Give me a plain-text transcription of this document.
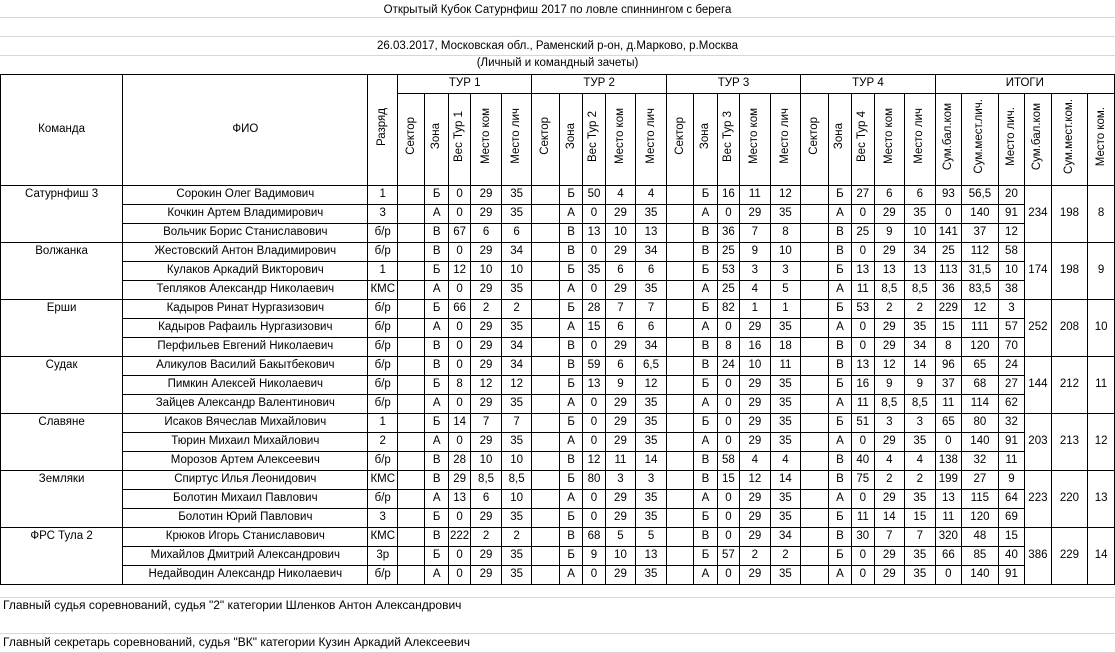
Открытый Кубок Сатурнфиш 2017 по ловле спиннингом с берега
26.03.2017, Московская обл., Раменский р-он, д.Марково, р.Москва
(Личный и командный зачеты)
Команда	ФИО	Разряд	ТУР 1					ТУР 2					ТУР 3					ТУР 4					ИТОГИ					
			Сектор	Зона	Вес Тур 1	Место ком	Место лич	Сектор	Зона	Вес Тур 2	Место ком	Место лич	Сектор	Зона	Вес Тур 3	Место ком	Место лич	Сектор	Зона	Вес Тур 4	Место ком	Место лич	Сум.бал.ком	Сум.мест.лич.	Место лич.	Сум.бал.ком	Сум.мест.ком.	Место ком.
Сатурнфиш 3	Сорокин Олег Вадимович	1		Б	0	29	35		Б	50	4	4		Б	16	11	12		Б	27	6	6	93	56,5	20	234	198	8
	Кочкин Артем Владимирович	3		А	0	29	35		А	0	29	35		А	0	29	35		А	0	29	35	0	140	91			
	Вольчик Борис Станиславович	б/р		В	67	6	6		В	13	10	13		В	36	7	8		В	25	9	10	141	37	12			
Волжанка	Жестовский Антон Владимирович	б/р		В	0	29	34		В	0	29	34		В	25	9	10		В	0	29	34	25	112	58	174	198	9
	Кулаков Аркадий Викторович	1		Б	12	10	10		Б	35	6	6		Б	53	3	3		Б	13	13	13	113	31,5	10			
	Тепляков Александр Николаевич	КМС		А	0	29	35		А	0	29	35		А	25	4	5		А	11	8,5	8,5	36	83,5	38			
Ерши	Кадыров Ринат Нургазизович	б/р		Б	66	2	2		Б	28	7	7		Б	82	1	1		Б	53	2	2	229	12	3	252	208	10
	Кадыров Рафаиль Нургазизович	б/р		А	0	29	35		А	15	6	6		А	0	29	35		А	0	29	35	15	111	57			
	Перфильев Евгений Николаевич	б/р		В	0	29	34		В	0	29	34		В	8	16	18		В	0	29	34	8	120	70			
Судак	Аликулов Василий Бакытбекович	б/р		В	0	29	34		В	59	6	6,5		В	24	10	11		В	13	12	14	96	65	24	144	212	11
	Пимкин Алексей Николаевич	б/р		Б	8	12	12		Б	13	9	12		Б	0	29	35		Б	16	9	9	37	68	27			
	Зайцев Александр Валентинович	б/р		А	0	29	35		А	0	29	35		А	0	29	35		А	11	8,5	8,5	11	114	62			
Славяне	Исаков Вячеслав Михайлович	1		Б	14	7	7		Б	0	29	35		Б	0	29	35		Б	51	3	3	65	80	32	203	213	12
	Тюрин Михаил Михайлович	2		А	0	29	35		А	0	29	35		А	0	29	35		А	0	29	35	0	140	91			
	Морозов Артем Алексеевич	б/р		В	28	10	10		В	12	11	14		В	58	4	4		В	40	4	4	138	32	11			
Земляки	Спиртус Илья Леонидович	КМС		В	29	8,5	8,5		Б	80	3	3		В	15	12	14		В	75	2	2	199	27	9	223	220	13
	Болотин Михаил Павлович	б/р		А	13	6	10		А	0	29	35		А	0	29	35		А	0	29	35	13	115	64			
	Болотин Юрий Павлович	3		Б	0	29	35		Б	0	29	35		Б	0	29	35		Б	11	14	15	11	120	69			
ФРС Тула 2	Крюков Игорь Станиславович	КМС		В	222	2	2		В	68	5	5		В	0	29	34		В	30	7	7	320	48	15	386	229	14
	Михайлов Дмитрий Александрович	3р		Б	0	29	35		Б	9	10	13		Б	57	2	2		Б	0	29	35	66	85	40			
	Недайводин Александр Николаевич	б/р		А	0	29	35		А	0	29	35		А	0	29	35		А	0	29	35	0	140	91			
Главный судья соревнований, судья "2" категории Шленков Антон Александрович
Главный секретарь соревнований, судья "ВК" категории Кузин Аркадий Алексеевич
